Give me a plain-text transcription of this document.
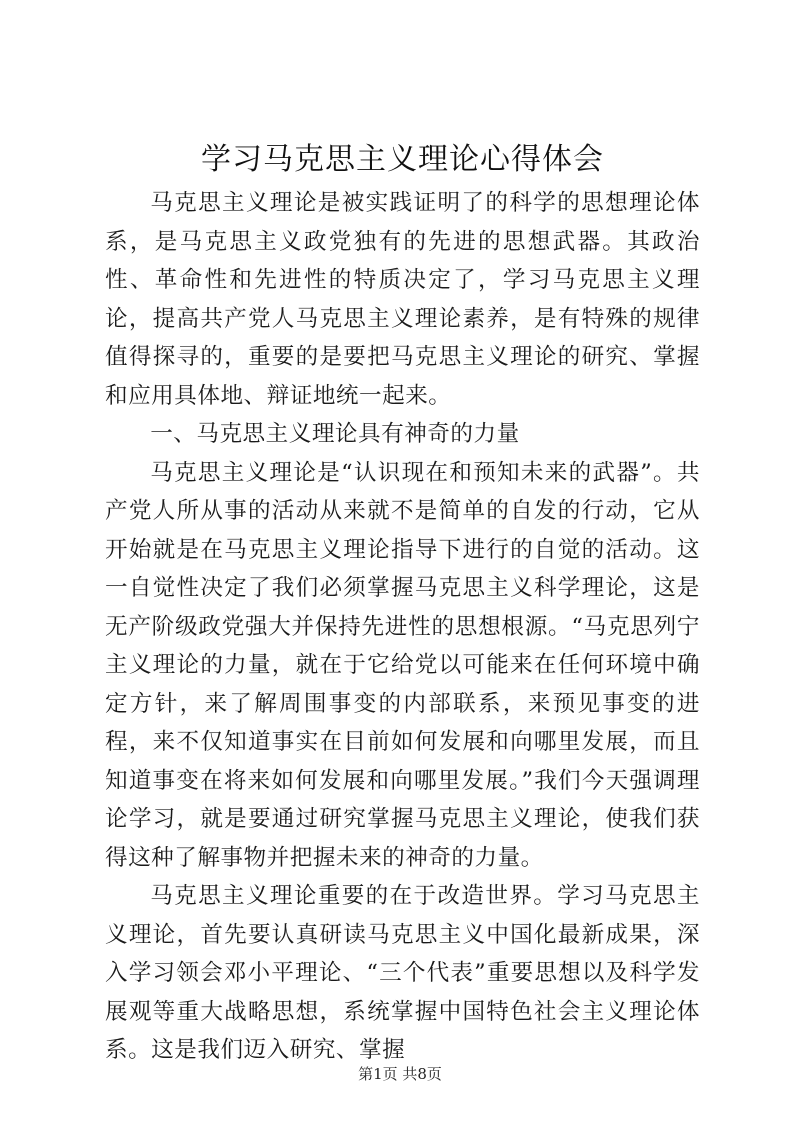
学习马克思主义理论心得体会

马克思主义理论是被实践证明了的科学的思想理论体系，是马克思主义政党独有的先进的思想武器。其政治性、革命性和先进性的特质决定了，学习马克思主义理论，提高共产党人马克思主义理论素养，是有特殊的规律值得探寻的，重要的是要把马克思主义理论的研究、掌握和应用具体地、辩证地统一起来。

一、马克思主义理论具有神奇的力量

马克思主义理论是“认识现在和预知未来的武器”。共产党人所从事的活动从来就不是简单的自发的行动，它从开始就是在马克思主义理论指导下进行的自觉的活动。这一自觉性决定了我们必须掌握马克思主义科学理论，这是无产阶级政党强大并保持先进性的思想根源。“马克思列宁主义理论的力量，就在于它给党以可能来在任何环境中确定方针，来了解周围事变的内部联系，来预见事变的进程，来不仅知道事实在目前如何发展和向哪里发展，而且知道事变在将来如何发展和向哪里发展。”我们今天强调理论学习，就是要通过研究掌握马克思主义理论，使我们获得这种了解事物并把握未来的神奇的力量。

马克思主义理论重要的在于改造世界。学习马克思主义理论，首先要认真研读马克思主义中国化最新成果，深入学习领会邓小平理论、“三个代表”重要思想以及科学发展观等重大战略思想，系统掌握中国特色社会主义理论体系。这是我们迈入研究、掌握

第1页 共8页
